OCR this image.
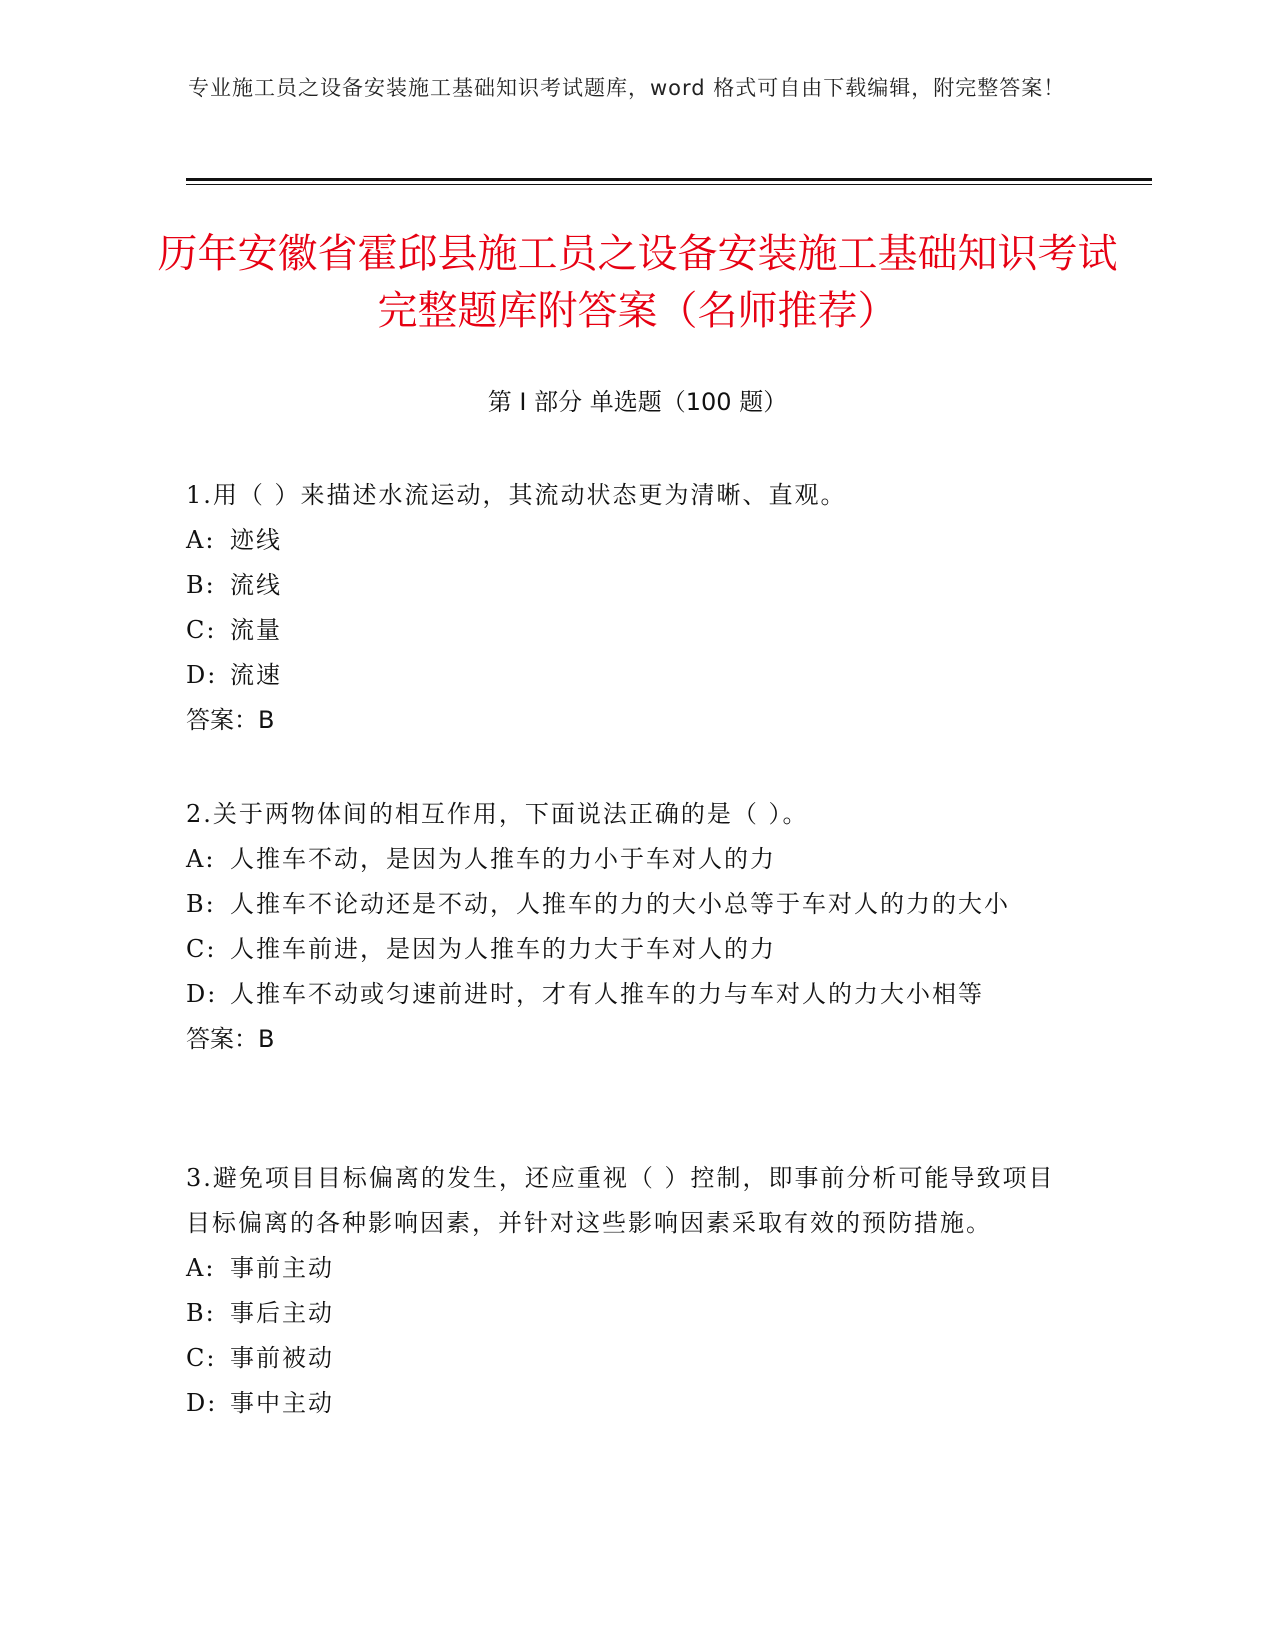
专业施工员之设备安装施工基础知识考试题库，word 格式可自由下载编辑，附完整答案！
历年安徽省霍邱县施工员之设备安装施工基础知识考试完整题库附答案（名师推荐）
第 I 部分 单选题（100 题）
1.用（ ）来描述水流运动，其流动状态更为清晰、直观。
A: 迹线
B: 流线
C: 流量
D: 流速
答案：B
2.关于两物体间的相互作用，下面说法正确的是（ ）。
A: 人推车不动，是因为人推车的力小于车对人的力
B: 人推车不论动还是不动，人推车的力的大小总等于车对人的力的大小
C: 人推车前进，是因为人推车的力大于车对人的力
D: 人推车不动或匀速前进时，才有人推车的力与车对人的力大小相等
答案：B
3.避免项目目标偏离的发生，还应重视（ ）控制，即事前分析可能导致项目目标偏离的各种影响因素，并针对这些影响因素采取有效的预防措施。
A: 事前主动
B: 事后主动
C: 事前被动
D: 事中主动
